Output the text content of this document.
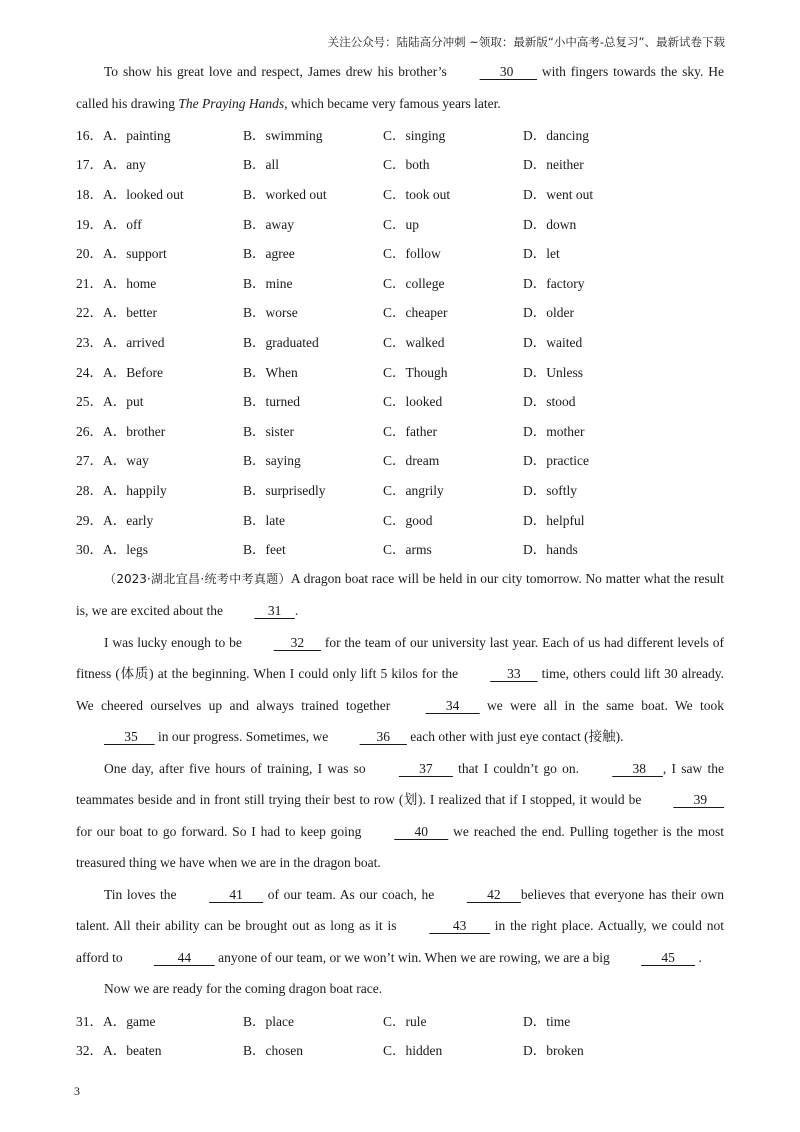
关注公众号：陆陆高分冲刺 ~领取：最新版“小中高考-总复习”、最新试卷下载

To show his great love and respect, James drew his brother’s       30        with fingers towards the sky. He called his drawing The Praying Hands, which became very famous years later.

16． A．painting	B．swimming	C．singing	D．dancing
17． A．any	B．all	C．both	D．neither
18． A．looked out	B．worked out	C．took out	D．went out
19． A．off	B．away	C．up	D．down
20． A．support	B．agree	C．follow	D．let
21． A．home	B．mine	C．college	D．factory
22． A．better	B．worse	C．cheaper	D．older
23． A．arrived	B．graduated	C．walked	D．waited
24． A．Before	B．When	C．Though	D．Unless
25． A．put	B．turned	C．looked	D．stood
26． A．brother	B．sister	C．father	D．mother
27． A．way	B．saying	C．dream	D．practice
28． A．happily	B．surprisedly	C．angrily	D．softly
29． A．early	B．late	C．good	D．helpful
30． A．legs	B．feet	C．arms	D．hands

（2023·湖北宜昌·统考中考真题）A dragon boat race will be held in our city tomorrow. No matter what the result is, we are excited about the     31    .

I was lucky enough to be      32      for the team of our university last year. Each of us had different levels of fitness (体质) at the beginning. When I could only lift 5 kilos for the      33      time, others could lift 30 already. We cheered ourselves up and always trained together       34       we were all in the same boat. We took       35      in our progress. Sometimes, we      36      each other with just eye contact (接触).

One day, after five hours of training, I was so       37       that I couldn’t go on.       38     , I saw the teammates beside and in front still trying their best to row (划). I realized that if I stopped, it would be       39      for our boat to go forward. So I had to keep going       40       we reached the end. Pulling together is the most treasured thing we have when we are in the dragon boat.

Tin loves the       41       of our team. As our coach, he       42      believes that everyone has their own talent. All their ability can be brought out as long as it is        43        in the right place. Actually, we could not afford to        44        anyone of our team, or we won’t win. When we are rowing, we are a big       45       .

Now we are ready for the coming dragon boat race.

31． A．game	B．place	C．rule	D．time
32． A．beaten	B．chosen	C．hidden	D．broken
3
